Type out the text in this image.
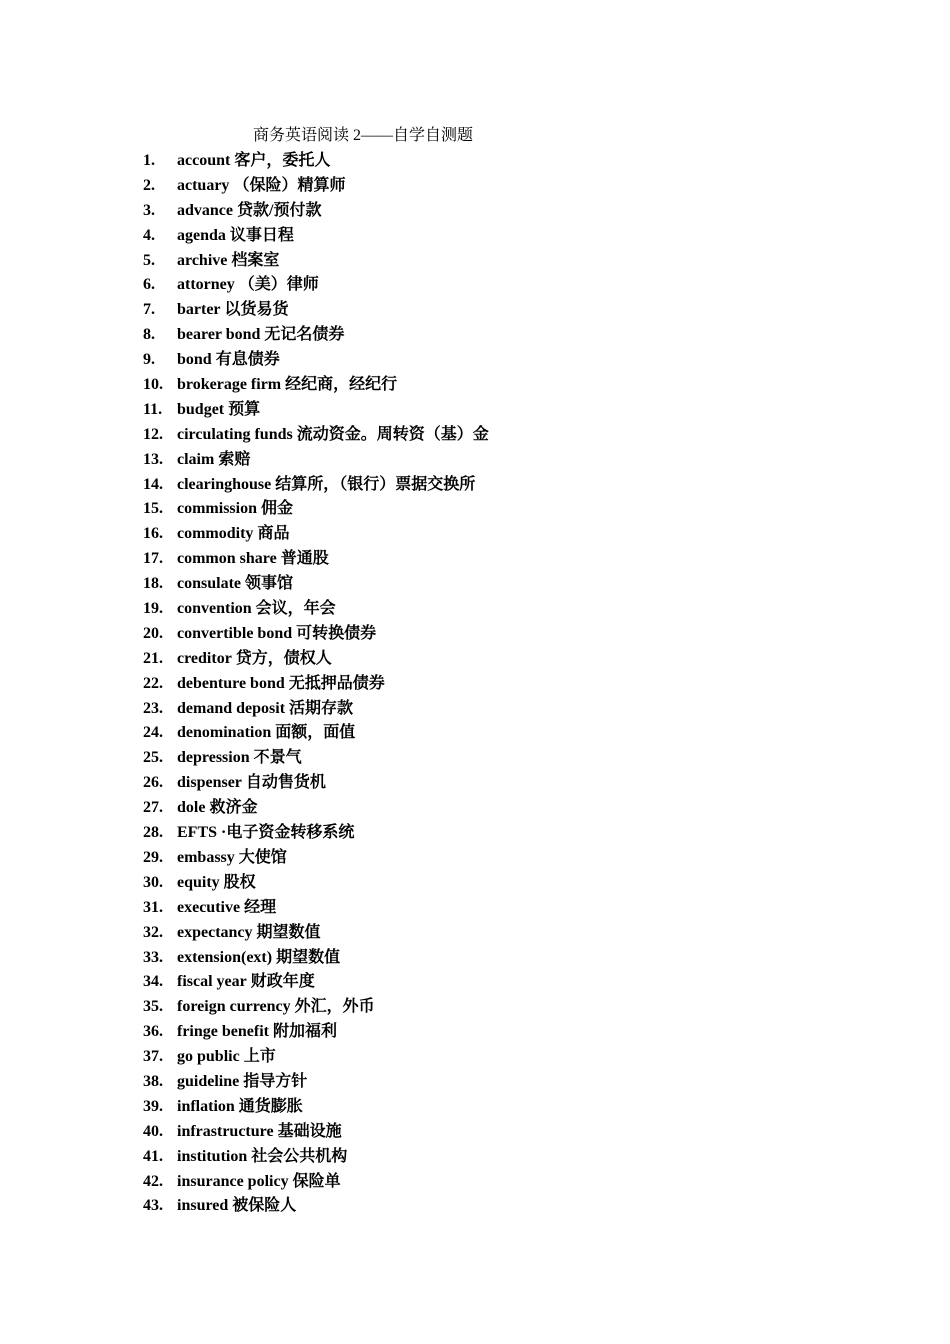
商务英语阅读 2——自学自测题
1.	account 客户，委托人
2.	actuary （保险）精算师
3.	advance 贷款/预付款
4.	agenda 议事日程
5.	archive 档案室
6.	attorney （美）律师
7.	barter 以货易货
8.	bearer bond 无记名债券
9.	bond 有息债券
10. brokerage firm 经纪商，经纪行
11. budget 预算
12. circulating funds 流动资金。周转资（基）金
13. claim 索赔
14. clearinghouse 结算所，（银行）票据交换所
15. commission 佣金
16. commodity 商品
17. common share 普通股
18. consulate 领事馆
19. convention 会议，年会
20. convertible bond 可转换债券
21. creditor 贷方，债权人
22. debenture bond 无抵押品债券
23. demand deposit 活期存款
24. denomination 面额，面值
25. depression 不景气
26. dispenser 自动售货机
27. dole 救济金
28. EFTS ·电子资金转移系统
29. embassy 大使馆
30. equity 股权
31. executive 经理
32. expectancy 期望数值
33. extension(ext) 期望数值
34. fiscal year 财政年度
35. foreign currency 外汇，外币
36. fringe benefit 附加福利
37. go public 上市
38. guideline 指导方针
39. inflation 通货膨胀
40. infrastructure 基础设施
41. institution 社会公共机构
42. insurance policy 保险单
43. insured 被保险人
